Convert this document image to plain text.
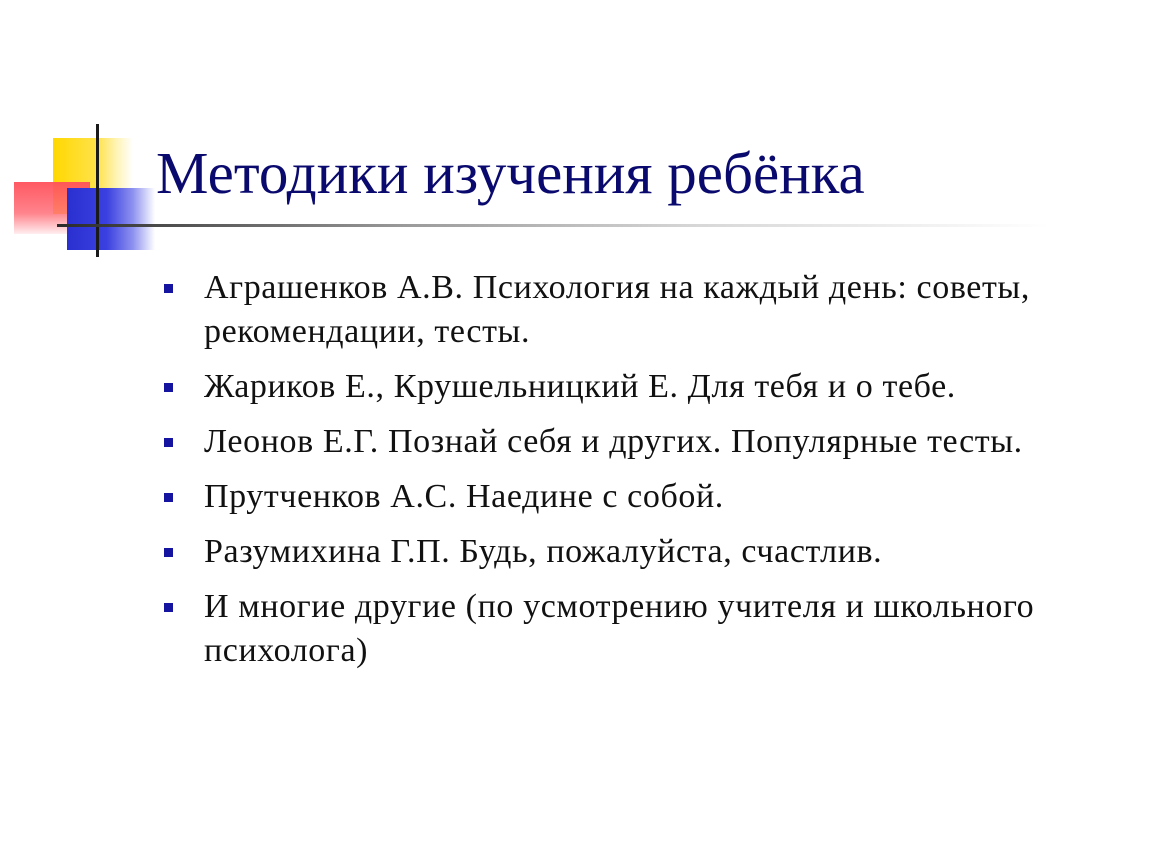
Методики изучения ребёнка
Аграшенков А.В. Психология на каждый день: советы, рекомендации, тесты.
Жариков Е., Крушельницкий Е. Для тебя и о тебе.
Леонов Е.Г. Познай себя и других. Популярные тесты.
Прутченков А.С. Наедине с собой.
Разумихина Г.П. Будь, пожалуйста, счастлив.
И многие другие (по усмотрению учителя и школьного психолога)
